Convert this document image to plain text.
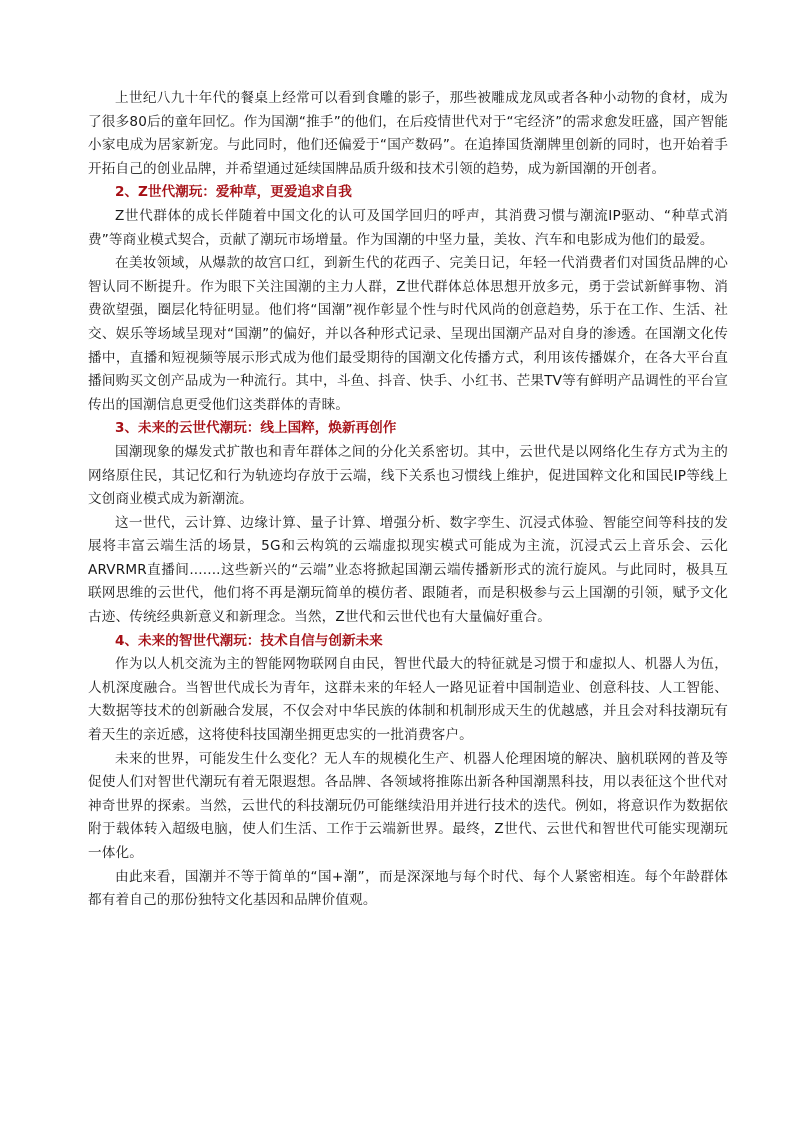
上世纪八九十年代的餐桌上经常可以看到食雕的影子，那些被雕成龙凤或者各种小动物的食材，成为了很多80后的童年回忆。作为国潮“推手”的他们，在后疫情世代对于“宅经济”的需求愈发旺盛，国产智能小家电成为居家新宠。与此同时，他们还偏爱于“国产数码”。在追捧国货潮牌里创新的同时，也开始着手开拓自己的创业品牌，并希望通过延续国牌品质升级和技术引领的趋势，成为新国潮的开创者。

2、Z世代潮玩：爱种草，更爱追求自我

Z世代群体的成长伴随着中国文化的认可及国学回归的呼声，其消费习惯与潮流IP驱动、“种草式消费”等商业模式契合，贡献了潮玩市场增量。作为国潮的中坚力量，美妆、汽车和电影成为他们的最爱。

在美妆领域，从爆款的故宫口红，到新生代的花西子、完美日记，年轻一代消费者们对国货品牌的心智认同不断提升。作为眼下关注国潮的主力人群，Z世代群体总体思想开放多元，勇于尝试新鲜事物、消费欲望强，圈层化特征明显。他们将“国潮”视作彰显个性与时代风尚的创意趋势，乐于在工作、生活、社交、娱乐等场域呈现对“国潮”的偏好，并以各种形式记录、呈现出国潮产品对自身的渗透。在国潮文化传播中，直播和短视频等展示形式成为他们最受期待的国潮文化传播方式，利用该传播媒介，在各大平台直播间购买文创产品成为一种流行。其中，斗鱼、抖音、快手、小红书、芒果TV等有鲜明产品调性的平台宣传出的国潮信息更受他们这类群体的青睐。

3、未来的云世代潮玩：线上国粹，焕新再创作

国潮现象的爆发式扩散也和青年群体之间的分化关系密切。其中，云世代是以网络化生存方式为主的网络原住民，其记忆和行为轨迹均存放于云端，线下关系也习惯线上维护，促进国粹文化和国民IP等线上文创商业模式成为新潮流。

这一世代，云计算、边缘计算、量子计算、增强分析、数字孪生、沉浸式体验、智能空间等科技的发展将丰富云端生活的场景，5G和云构筑的云端虚拟现实模式可能成为主流，沉浸式云上音乐会、云化ARVRMR直播间.......这些新兴的“云端”业态将掀起国潮云端传播新形式的流行旋风。与此同时，极具互联网思维的云世代，他们将不再是潮玩简单的模仿者、跟随者，而是积极参与云上国潮的引领，赋予文化古迹、传统经典新意义和新理念。当然，Z世代和云世代也有大量偏好重合。

4、未来的智世代潮玩：技术自信与创新未来

作为以人机交流为主的智能网物联网自由民，智世代最大的特征就是习惯于和虚拟人、机器人为伍，人机深度融合。当智世代成长为青年，这群未来的年轻人一路见证着中国制造业、创意科技、人工智能、大数据等技术的创新融合发展，不仅会对中华民族的体制和机制形成天生的优越感，并且会对科技潮玩有着天生的亲近感，这将使科技国潮坐拥更忠实的一批消费客户。

未来的世界，可能发生什么变化？无人车的规模化生产、机器人伦理困境的解决、脑机联网的普及等促使人们对智世代潮玩有着无限遐想。各品牌、各领域将推陈出新各种国潮黑科技，用以表征这个世代对神奇世界的探索。当然，云世代的科技潮玩仍可能继续沿用并进行技术的迭代。例如，将意识作为数据依附于载体转入超级电脑，使人们生活、工作于云端新世界。最终，Z世代、云世代和智世代可能实现潮玩一体化。

由此来看，国潮并不等于简单的“国+潮”，而是深深地与每个时代、每个人紧密相连。每个年龄群体都有着自己的那份独特文化基因和品牌价值观。
